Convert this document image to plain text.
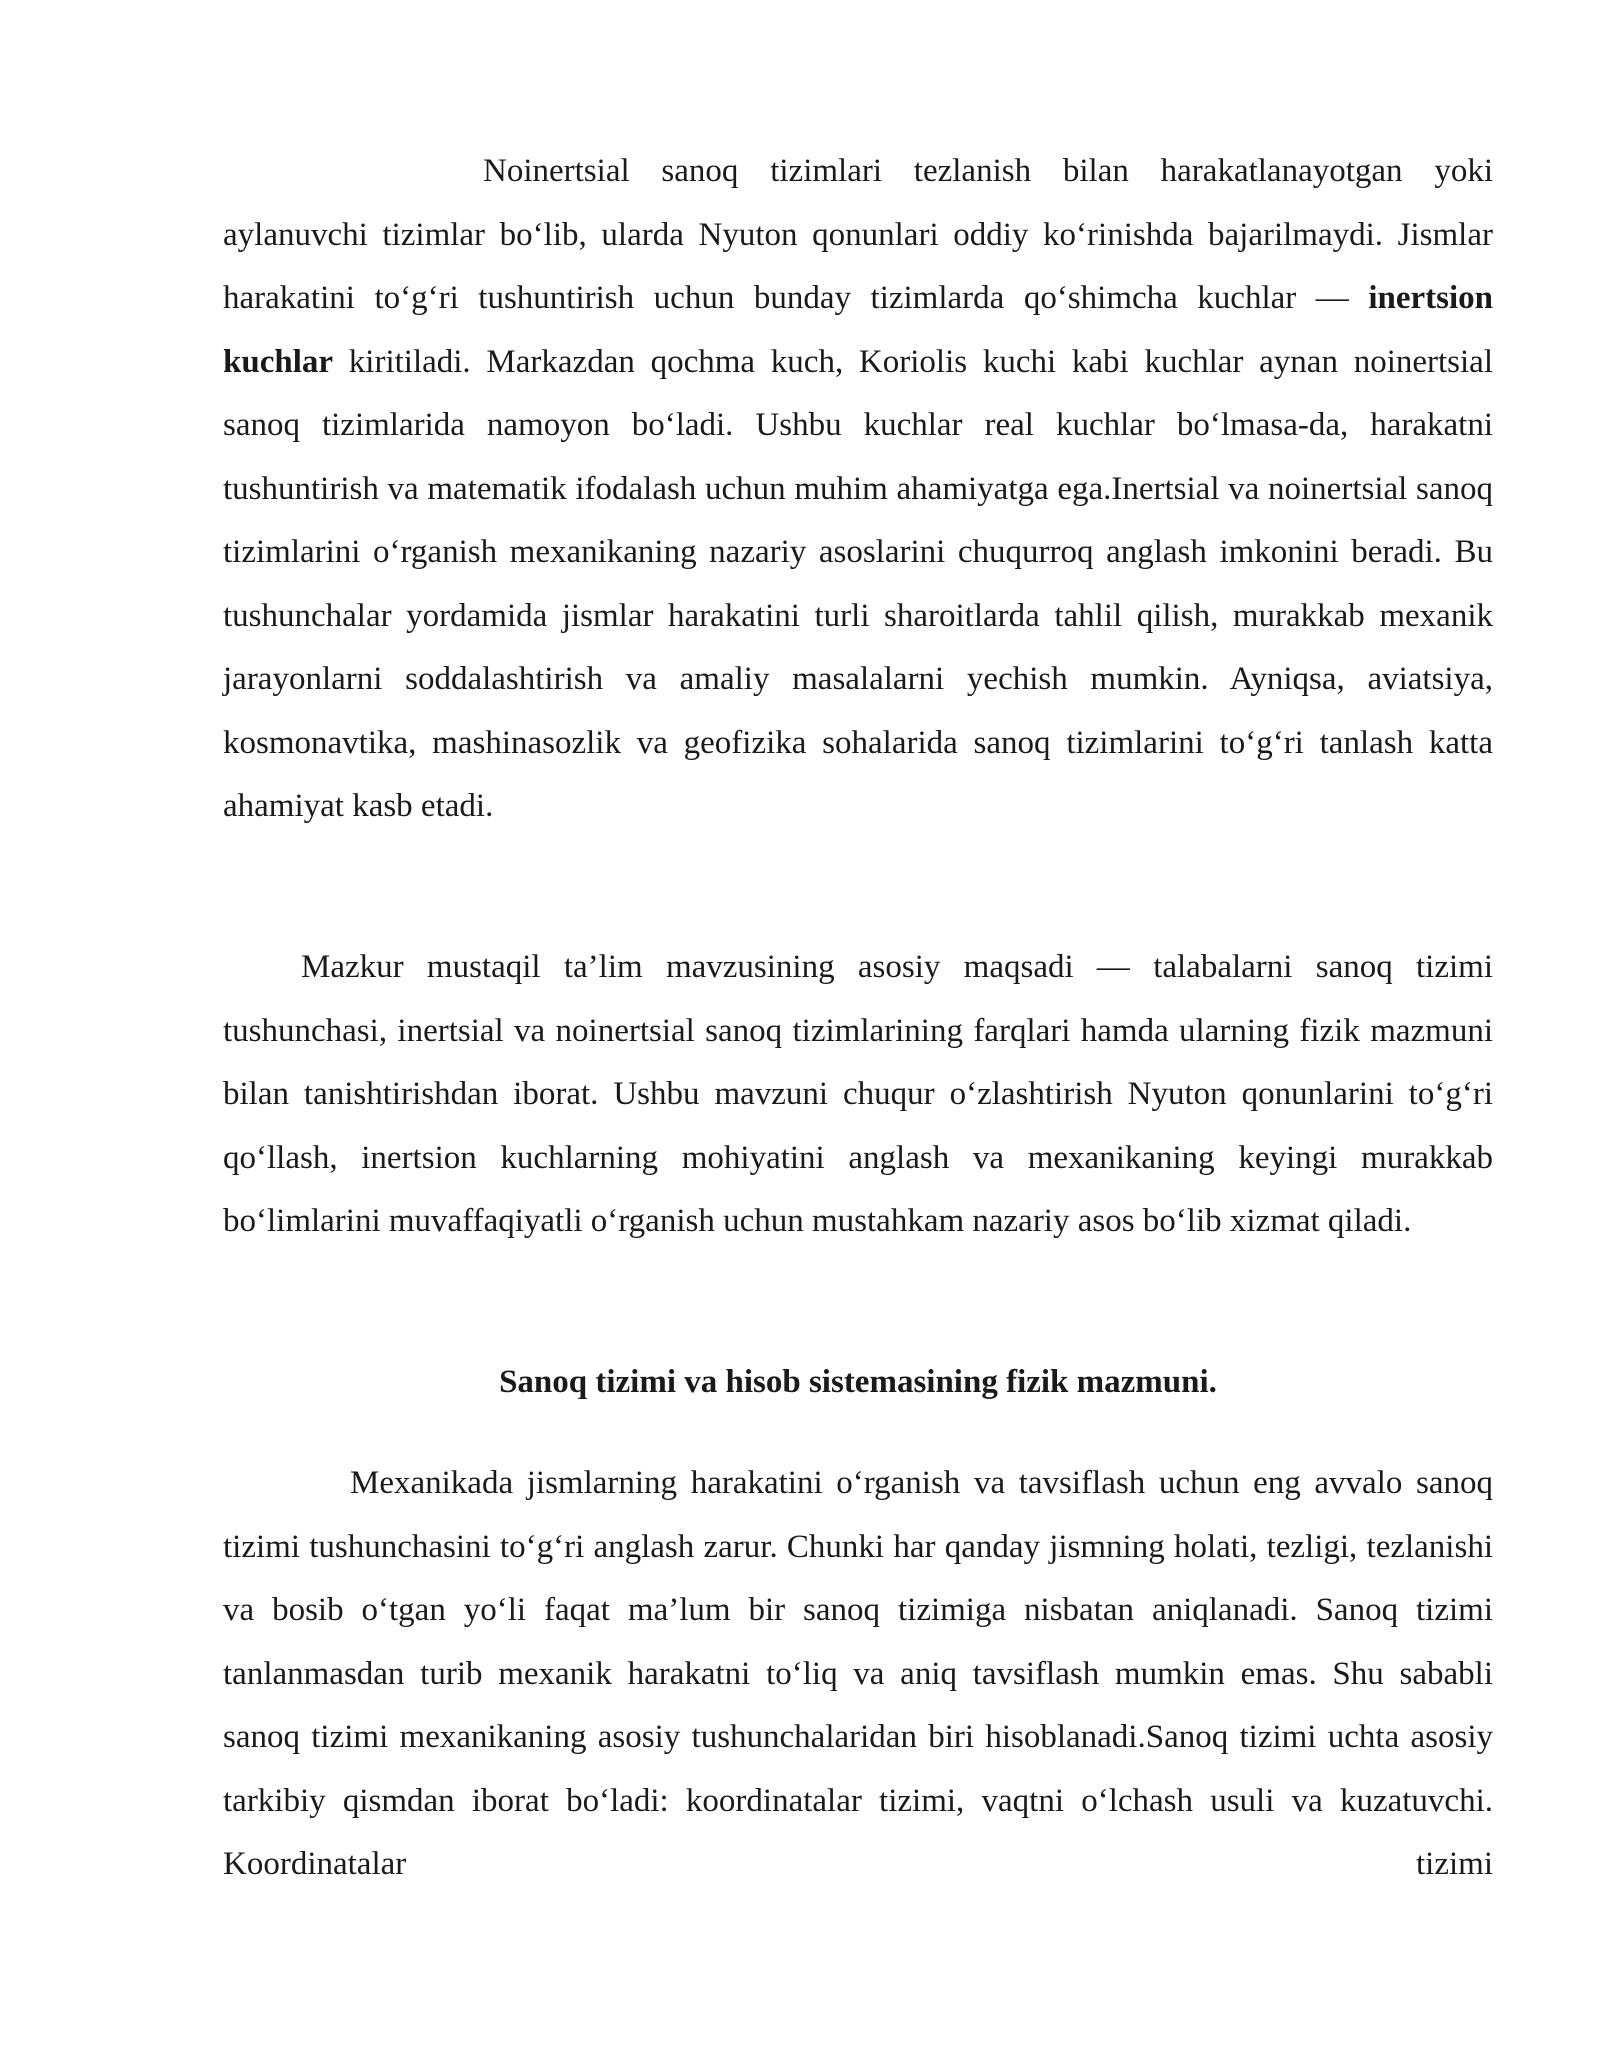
Noinertsial sanoq tizimlari tezlanish bilan harakatlanayotgan yoki aylanuvchi tizimlar bo‘lib, ularda Nyuton qonunlari oddiy ko‘rinishda bajarilmaydi. Jismlar harakatini to‘g‘ri tushuntirish uchun bunday tizimlarda qo‘shimcha kuchlar — inertsion kuchlar kiritiladi. Markazdan qochma kuch, Koriolis kuchi kabi kuchlar aynan noinertsial sanoq tizimlarida namoyon bo‘ladi. Ushbu kuchlar real kuchlar bo‘lmasa-da, harakatni tushuntirish va matematik ifodalash uchun muhim ahamiyatga ega.Inertsial va noinertsial sanoq tizimlarini o‘rganish mexanikaning nazariy asoslarini chuqurroq anglash imkonini beradi. Bu tushunchalar yordamida jismlar harakatini turli sharoitlarda tahlil qilish, murakkab mexanik jarayonlarni soddalashtirish va amaliy masalalarni yechish mumkin. Ayniqsa, aviatsiya, kosmonavtika, mashinasozlik va geofizika sohalarida sanoq tizimlarini to‘g‘ri tanlash katta ahamiyat kasb etadi.

Mazkur mustaqil ta’lim mavzusining asosiy maqsadi — talabalarni sanoq tizimi tushunchasi, inertsial va noinertsial sanoq tizimlarining farqlari hamda ularning fizik mazmuni bilan tanishtirishdan iborat. Ushbu mavzuni chuqur o‘zlashtirish Nyuton qonunlarini to‘g‘ri qo‘llash, inertsion kuchlarning mohiyatini anglash va mexanikaning keyingi murakkab bo‘limlarini muvaffaqiyatli o‘rganish uchun mustahkam nazariy asos bo‘lib xizmat qiladi.

Sanoq tizimi va hisob sistemasining fizik mazmuni.

Mexanikada jismlarning harakatini o‘rganish va tavsiflash uchun eng avvalo sanoq tizimi tushunchasini to‘g‘ri anglash zarur. Chunki har qanday jismning holati, tezligi, tezlanishi va bosib o‘tgan yo‘li faqat ma’lum bir sanoq tizimiga nisbatan aniqlanadi. Sanoq tizimi tanlanmasdan turib mexanik harakatni to‘liq va aniq tavsiflash mumkin emas. Shu sababli sanoq tizimi mexanikaning asosiy tushunchalaridan biri hisoblanadi.Sanoq tizimi uchta asosiy tarkibiy qismdan iborat bo‘ladi: koordinatalar tizimi, vaqtni o‘lchash usuli va kuzatuvchi. Koordinatalar tizimi
